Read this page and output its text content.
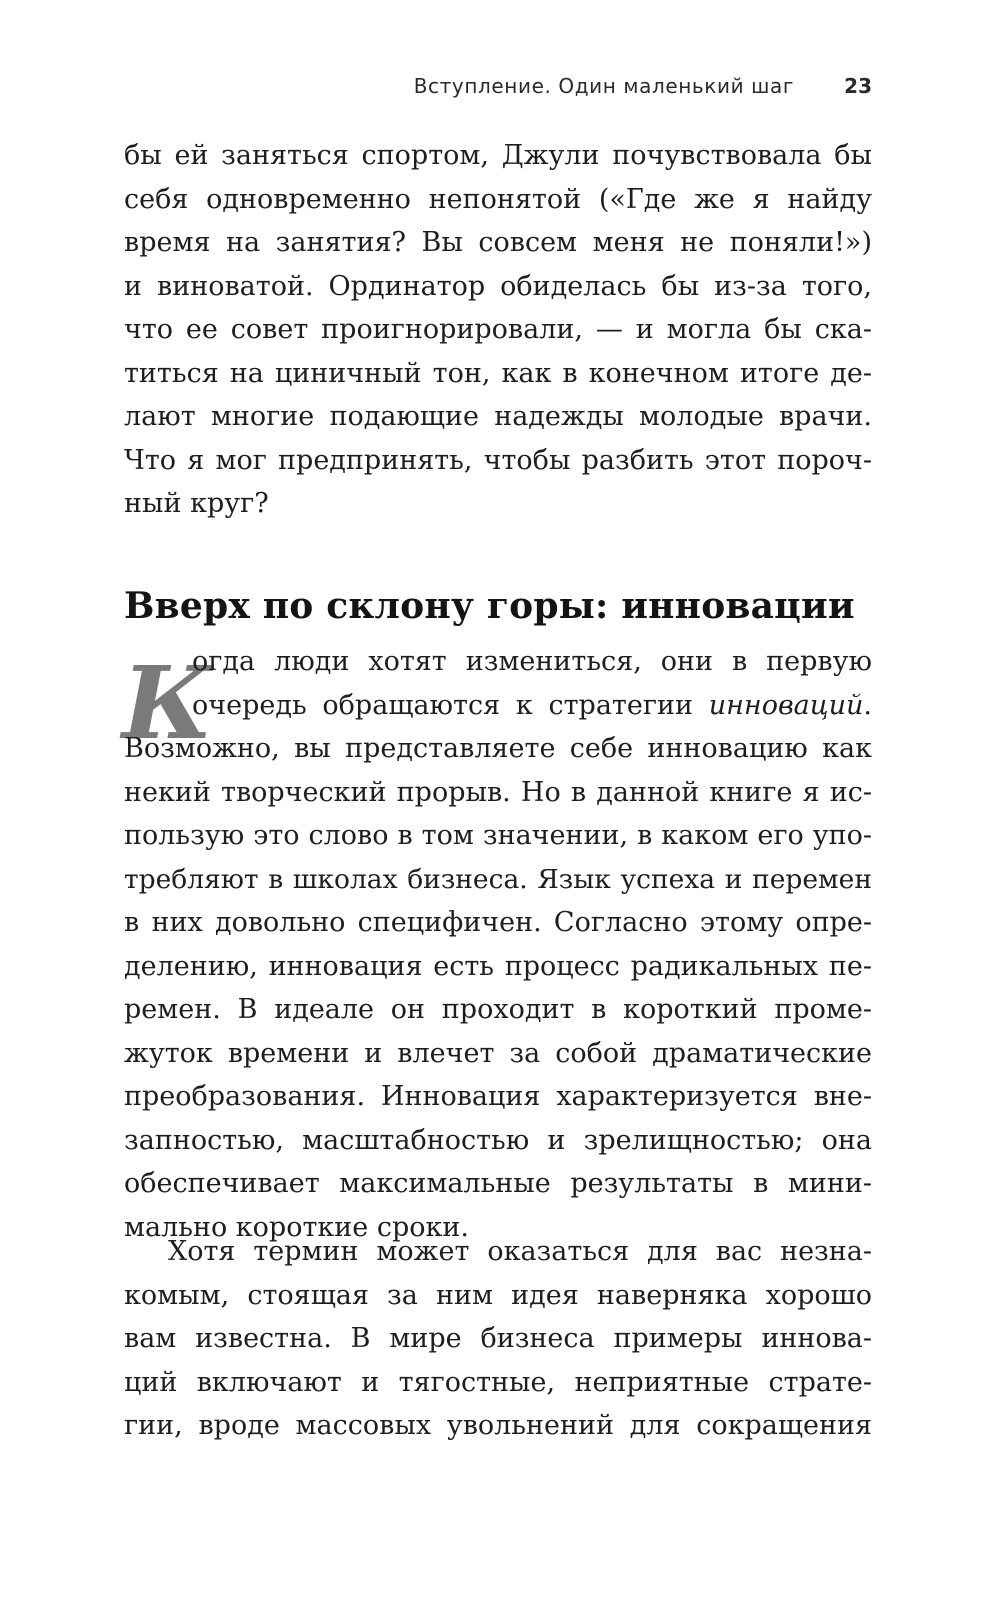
Вступление. Один маленький шаг	23
бы ей заняться спортом, Джули почувствовала бы
себя одновременно непонятой («Где же я найду
время на занятия? Вы совсем меня не поняли!»)
и виноватой. Ординатор обиделась бы из-за того,
что ее совет проигнорировали, — и могла бы ска-
титься на циничный тон, как в конечном итоге де-
лают многие подающие надежды молодые врачи.
Что я мог предпринять, чтобы разбить этот пороч-
ный круг?
Вверх по склону горы: инновации
К
огда люди хотят измениться, они в первую
очередь обращаются к стратегии инноваций.
Возможно, вы представляете себе инновацию как
некий творческий прорыв. Но в данной книге я ис-
пользую это слово в том значении, в каком его упо-
требляют в школах бизнеса. Язык успеха и перемен
в них довольно специфичен. Согласно этому опре-
делению, инновация есть процесс радикальных пе-
ремен. В идеале он проходит в короткий проме-
жуток времени и влечет за собой драматические
преобразования. Инновация характеризуется вне-
запностью, масштабностью и зрелищностью; она
обеспечивает максимальные результаты в мини-
мально короткие сроки.
Хотя термин может оказаться для вас незна-
комым, стоящая за ним идея наверняка хорошо
вам известна. В мире бизнеса примеры иннова-
ций включают и тягостные, неприятные страте-
гии, вроде массовых увольнений для сокращения
